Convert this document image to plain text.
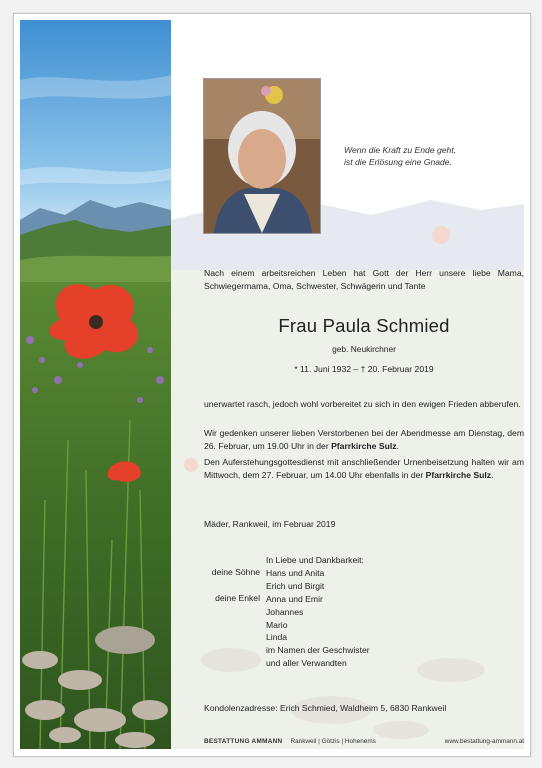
Wenn die Kraft zu Ende geht,
ist die Erlösung eine Gnade.
Nach einem arbeitsreichen Leben hat Gott der Herr unsere liebe Mama, Schwiegermama, Oma, Schwester, Schwägerin und Tante
Frau Paula Schmied
geb. Neukirchner
* 11. Juni 1932 – † 20. Februar 2019
unerwartet rasch, jedoch wohl vorbereitet zu sich in den ewigen Frieden abberufen.
Wir gedenken unserer lieben Verstorbenen bei der Abendmesse am Dienstag, dem 26. Februar, um 19.00 Uhr in der Pfarrkirche Sulz.
Den Auferstehungsgottesdienst mit anschließender Urnenbeisetzung halten wir am Mittwoch, dem 27. Februar, um 14.00 Uhr ebenfalls in der Pfarrkirche Sulz.
Mäder, Rankweil, im Februar 2019
deine Söhne
deine Enkel
In Liebe und Dankbarkeit:
Hans und Anita
Erich und Birgit
Anna und Emir
Johannes
Mario
Linda
im Namen der Geschwister
und aller Verwandten
Kondolenzadresse: Erich Schmied, Waldheim 5, 6830 Rankweil
BESTATTUNG AMMANN Rankweil | Götzis | Hohenems	www.bestattung-ammann.at
